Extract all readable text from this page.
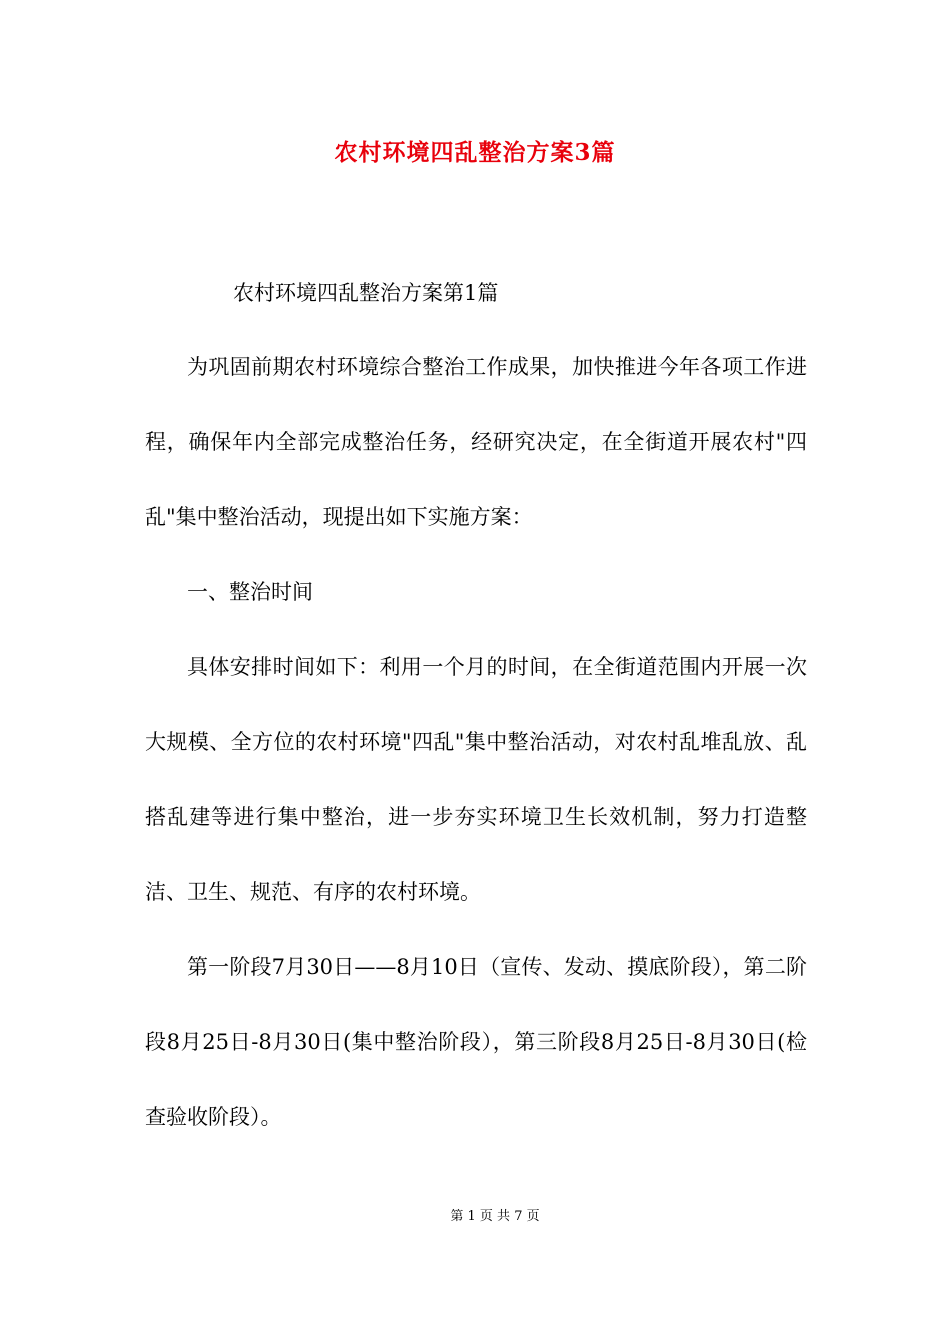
农村环境四乱整治方案3篇
农村环境四乱整治方案第1篇

为巩固前期农村环境综合整治工作成果，加快推进今年各项工作进程，确保年内全部完成整治任务，经研究决定，在全街道开展农村"四乱"集中整治活动，现提出如下实施方案：

一、整治时间

具体安排时间如下：利用一个月的时间，在全街道范围内开展一次大规模、全方位的农村环境"四乱"集中整治活动，对农村乱堆乱放、乱搭乱建等进行集中整治，进一步夯实环境卫生长效机制，努力打造整洁、卫生、规范、有序的农村环境。

第一阶段7月30日——8月10日（宣传、发动、摸底阶段），第二阶段8月25日-8月30日(集中整治阶段），第三阶段8月25日-8月30日(检查验收阶段）。

第 1 页 共 7 页
